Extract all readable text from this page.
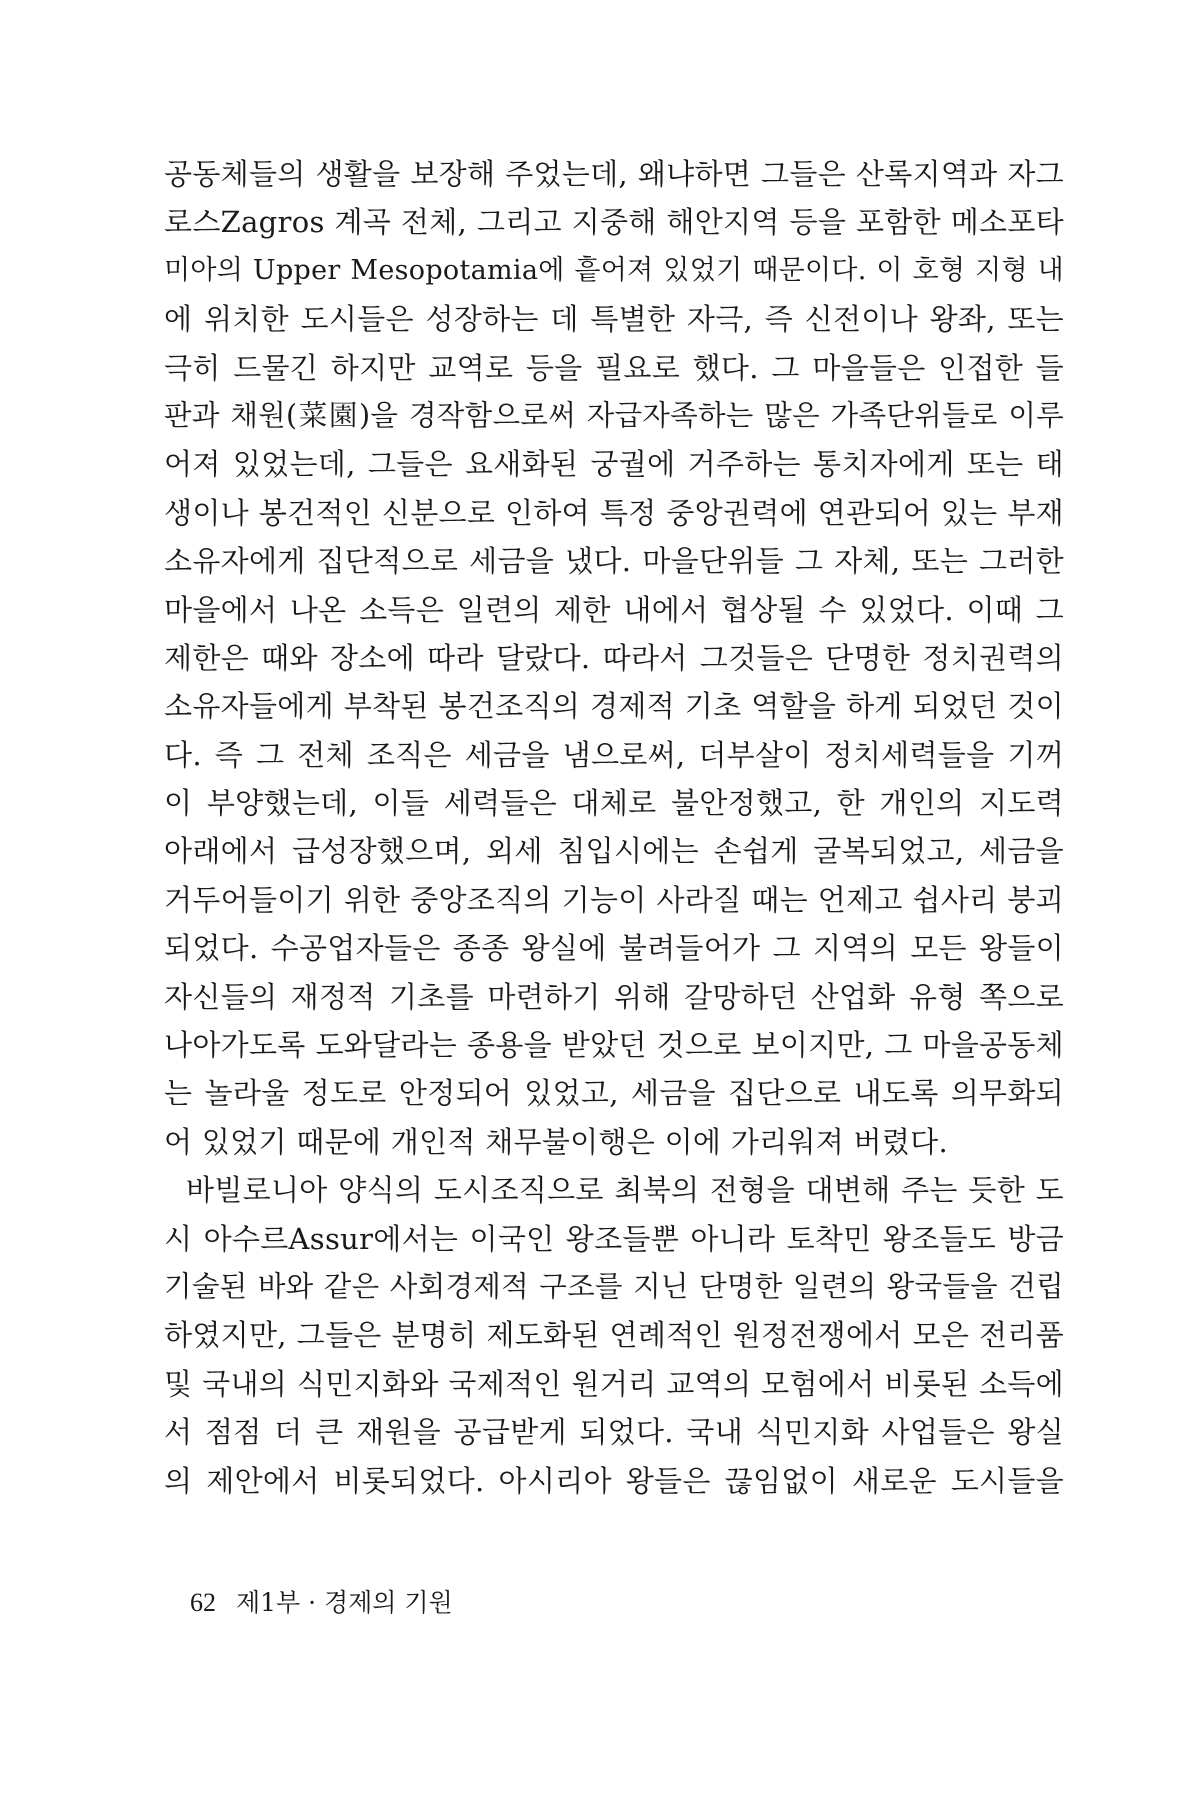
공동체들의 생활을 보장해 주었는데, 왜냐하면 그들은 산록지역과 자그
로스Zagros 계곡 전체, 그리고 지중해 해안지역 등을 포함한 메소포타
미아의 Upper Mesopotamia에 흩어져 있었기 때문이다. 이 호형 지형 내
에 위치한 도시들은 성장하는 데 특별한 자극, 즉 신전이나 왕좌, 또는
극히 드물긴 하지만 교역로 등을 필요로 했다. 그 마을들은 인접한 들
판과 채원(菜園)을 경작함으로써 자급자족하는 많은 가족단위들로 이루
어져 있었는데, 그들은 요새화된 궁궐에 거주하는 통치자에게 또는 태
생이나 봉건적인 신분으로 인하여 특정 중앙권력에 연관되어 있는 부재
소유자에게 집단적으로 세금을 냈다. 마을단위들 그 자체, 또는 그러한
마을에서 나온 소득은 일련의 제한 내에서 협상될 수 있었다. 이때 그
제한은 때와 장소에 따라 달랐다. 따라서 그것들은 단명한 정치권력의
소유자들에게 부착된 봉건조직의 경제적 기초 역할을 하게 되었던 것이
다. 즉 그 전체 조직은 세금을 냄으로써, 더부살이 정치세력들을 기꺼
이 부양했는데, 이들 세력들은 대체로 불안정했고, 한 개인의 지도력
아래에서 급성장했으며, 외세 침입시에는 손쉽게 굴복되었고, 세금을
거두어들이기 위한 중앙조직의 기능이 사라질 때는 언제고 쉽사리 붕괴
되었다. 수공업자들은 종종 왕실에 불려들어가 그 지역의 모든 왕들이
자신들의 재정적 기초를 마련하기 위해 갈망하던 산업화 유형 쪽으로
나아가도록 도와달라는 종용을 받았던 것으로 보이지만, 그 마을공동체
는 놀라울 정도로 안정되어 있었고, 세금을 집단으로 내도록 의무화되
어 있었기 때문에 개인적 채무불이행은 이에 가리워져 버렸다.
바빌로니아 양식의 도시조직으로 최북의 전형을 대변해 주는 듯한 도
시 아수르Assur에서는 이국인 왕조들뿐 아니라 토착민 왕조들도 방금
기술된 바와 같은 사회경제적 구조를 지닌 단명한 일련의 왕국들을 건립
하였지만, 그들은 분명히 제도화된 연례적인 원정전쟁에서 모은 전리품
및 국내의 식민지화와 국제적인 원거리 교역의 모험에서 비롯된 소득에
서 점점 더 큰 재원을 공급받게 되었다. 국내 식민지화 사업들은 왕실
의 제안에서 비롯되었다. 아시리아 왕들은 끊임없이 새로운 도시들을
62 제1부 · 경제의 기원
